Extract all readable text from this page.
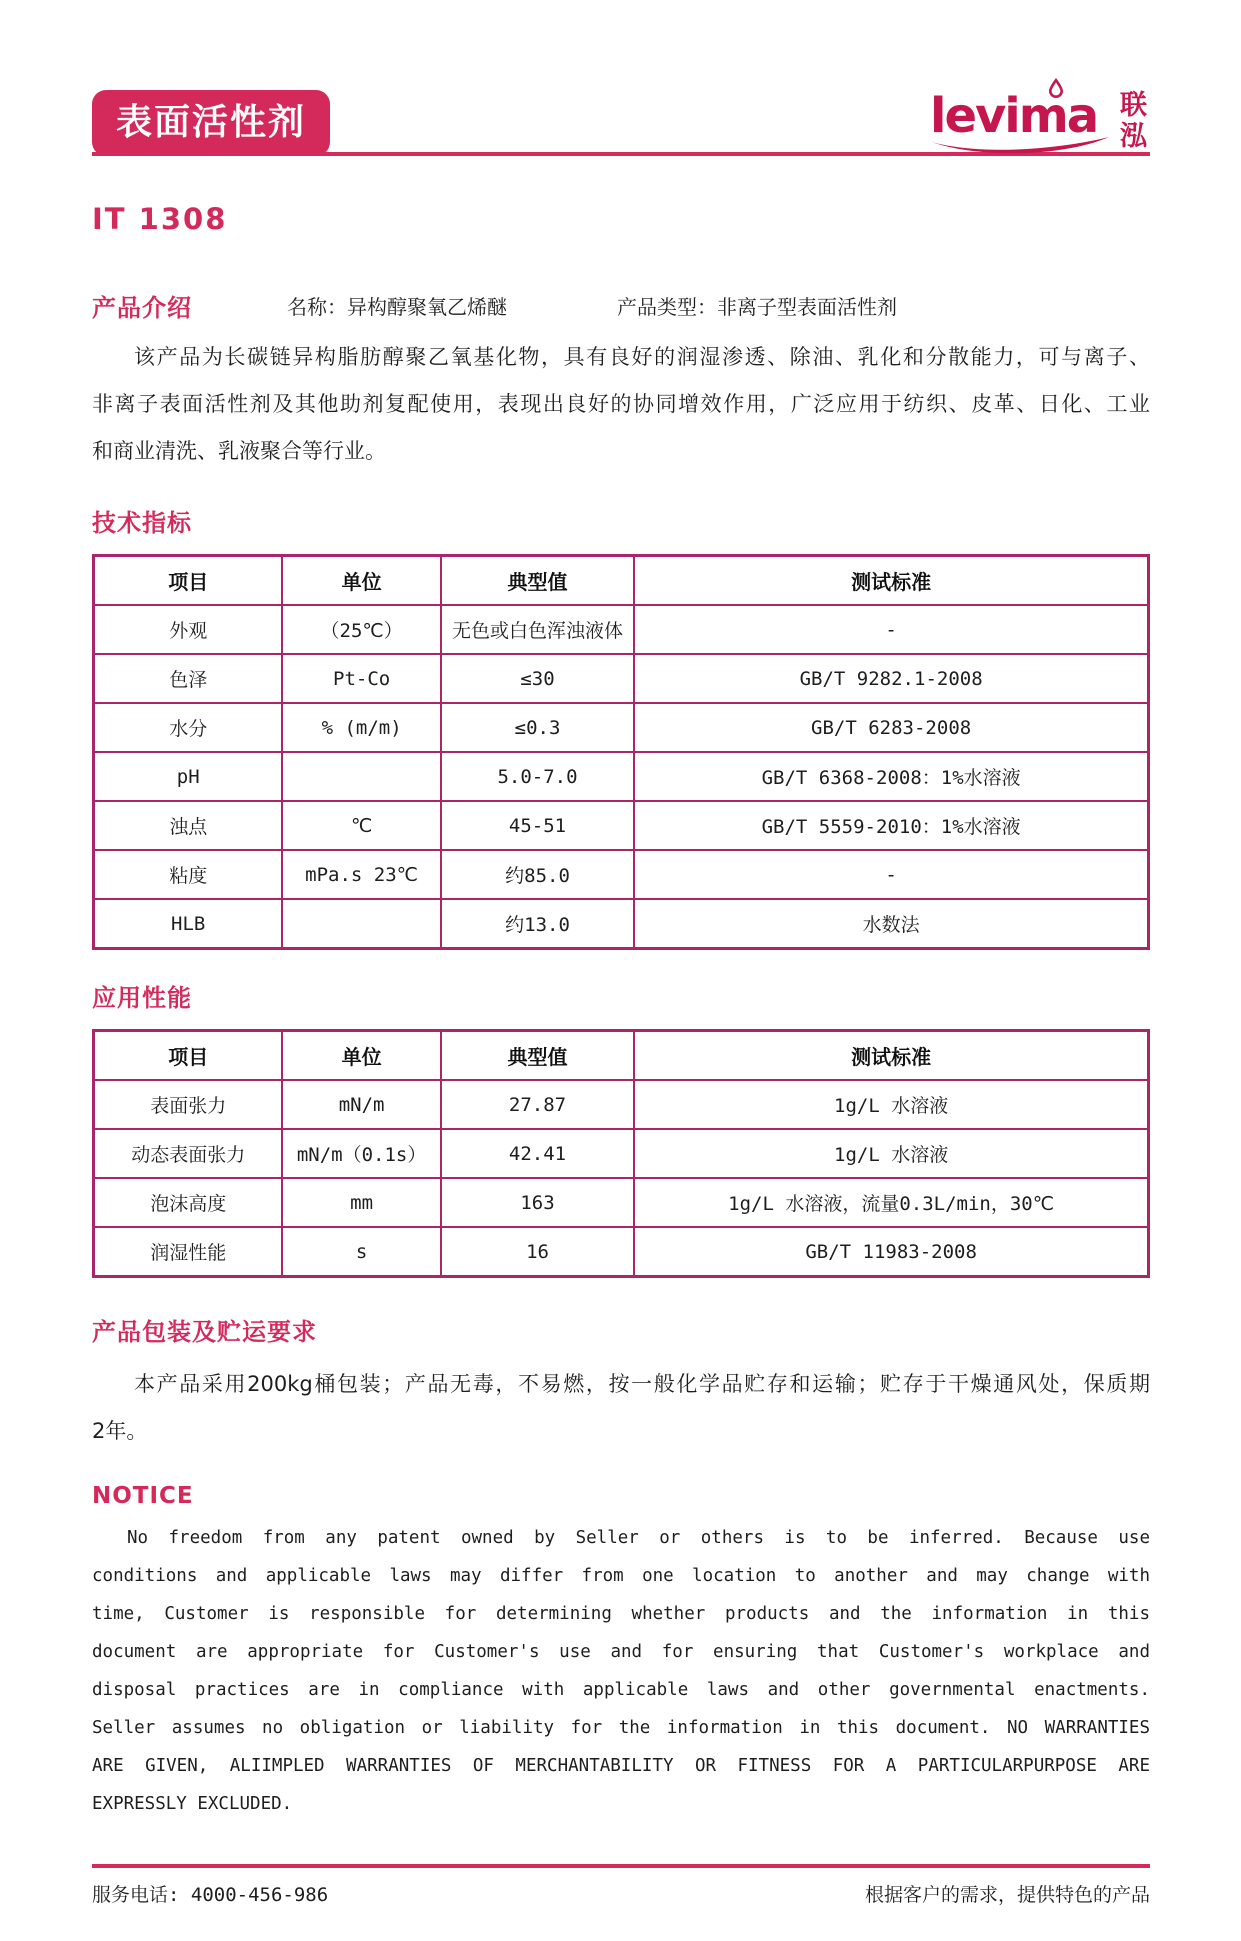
表面活性剂	levima 联泓
IT 1308
产品介绍	名称：异构醇聚氧乙烯醚	产品类型：非离子型表面活性剂
该产品为长碳链异构脂肪醇聚乙氧基化物，具有良好的润湿渗透、除油、乳化和分散能力，可与离子、
非离子表面活性剂及其他助剂复配使用，表现出良好的协同增效作用，广泛应用于纺织、皮革、日化、工业
和商业清洗、乳液聚合等行业。
技术指标
项目	单位	典型值	测试标准
外观	（25℃）	无色或白色浑浊液体	-
色泽	Pt-Co	≤30	GB/T 9282.1-2008
水分	% (m/m)	≤0.3	GB/T 6283-2008
pH		5.0-7.0	GB/T 6368-2008：1%水溶液
浊点	℃	45-51	GB/T 5559-2010：1%水溶液
粘度	mPa.s 23℃	约85.0	-
HLB		约13.0	水数法
应用性能
项目	单位	典型值	测试标准
表面张力	mN/m	27.87	1g/L 水溶液
动态表面张力	mN/m（0.1s）	42.41	1g/L 水溶液
泡沫高度	mm	163	1g/L 水溶液，流量0.3L/min，30℃
润湿性能	s	16	GB/T 11983-2008
产品包装及贮运要求
本产品采用200kg桶包装；产品无毒，不易燃，按一般化学品贮存和运输；贮存于干燥通风处，保质期
2年。
NOTICE
No freedom from any patent owned by Seller or others is to be inferred. Because use
conditions and applicable laws may differ from one location to another and may change with
time, Customer is responsible for determining whether products and the information in this
document are appropriate for Customer's use and for ensuring that Customer's workplace and
disposal practices are in compliance with applicable laws and other governmental enactments.
Seller assumes no obligation or liability for the information in this document. NO WARRANTIES
ARE GIVEN, ALIIMPLED WARRANTIES OF MERCHANTABILITY OR FITNESS FOR A PARTICULARPURPOSE ARE
EXPRESSLY EXCLUDED.
服务电话: 4000-456-986	根据客户的需求，提供特色的产品
